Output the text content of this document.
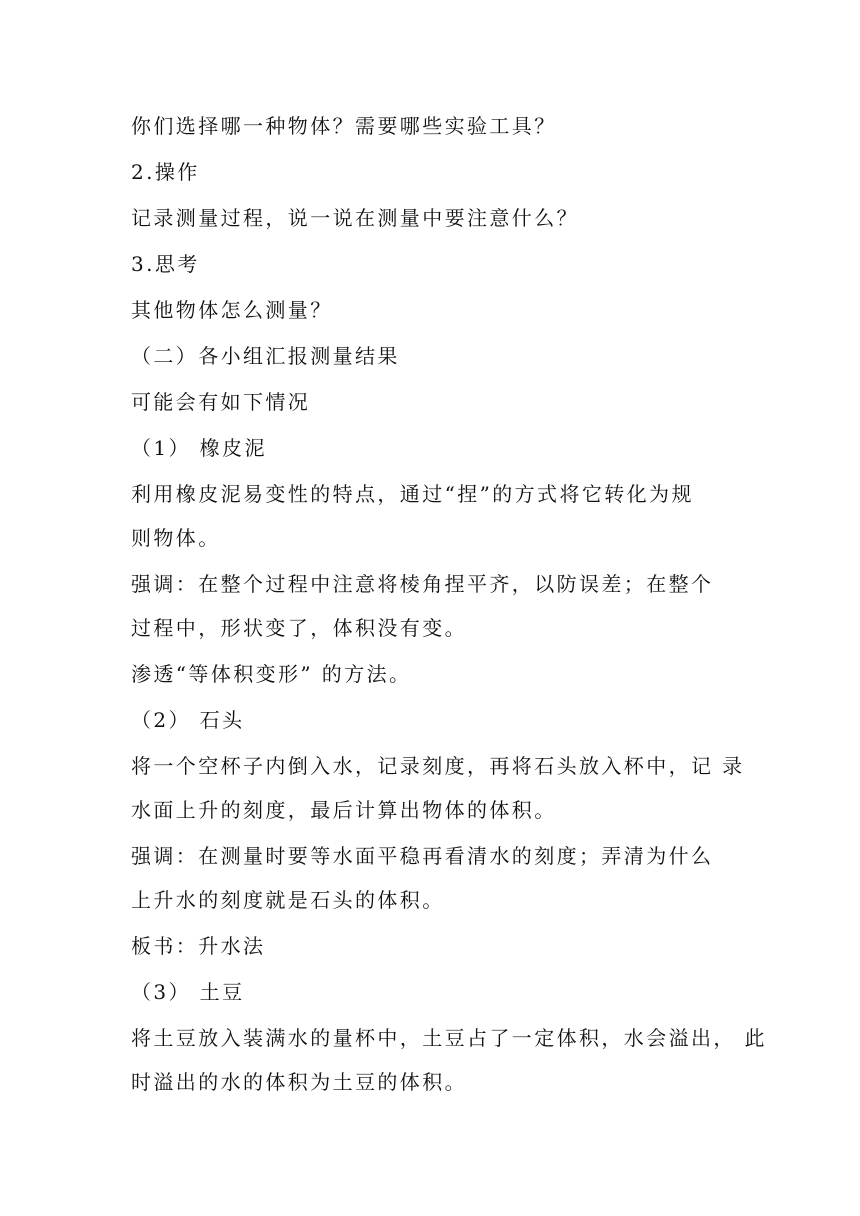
你们选择哪一种物体？需要哪些实验工具？
2.操作
记录测量过程，说一说在测量中要注意什么？
3.思考
其他物体怎么测量？
（二）各小组汇报测量结果
可能会有如下情况
（1） 橡皮泥
利用橡皮泥易变性的特点，通过“捏”的方式将它转化为规
则物体。
强调：在整个过程中注意将棱角捏平齐，以防误差；在整个
过程中，形状变了，体积没有变。
渗透“等体积变形” 的方法。
（2） 石头
将一个空杯子内倒入水，记录刻度，再将石头放入杯中，记 录
水面上升的刻度，最后计算出物体的体积。
强调：在测量时要等水面平稳再看清水的刻度；弄清为什么
上升水的刻度就是石头的体积。
板书：升水法
（3） 土豆
将土豆放入装满水的量杯中，土豆占了一定体积，水会溢出， 此
时溢出的水的体积为土豆的体积。
